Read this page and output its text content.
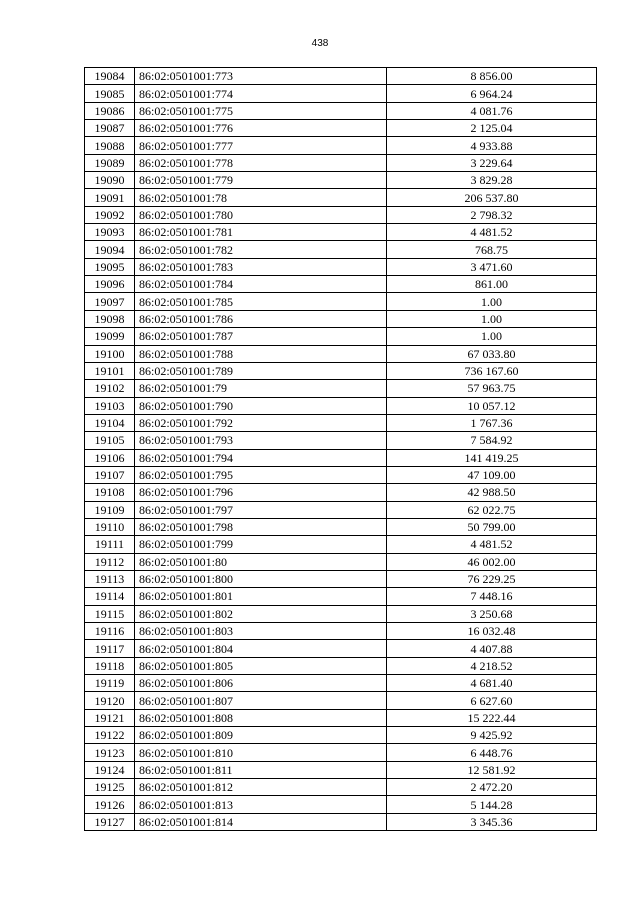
438
19084	86:02:0501001:773	8 856.00
19085	86:02:0501001:774	6 964.24
19086	86:02:0501001:775	4 081.76
19087	86:02:0501001:776	2 125.04
19088	86:02:0501001:777	4 933.88
19089	86:02:0501001:778	3 229.64
19090	86:02:0501001:779	3 829.28
19091	86:02:0501001:78	206 537.80
19092	86:02:0501001:780	2 798.32
19093	86:02:0501001:781	4 481.52
19094	86:02:0501001:782	768.75
19095	86:02:0501001:783	3 471.60
19096	86:02:0501001:784	861.00
19097	86:02:0501001:785	1.00
19098	86:02:0501001:786	1.00
19099	86:02:0501001:787	1.00
19100	86:02:0501001:788	67 033.80
19101	86:02:0501001:789	736 167.60
19102	86:02:0501001:79	57 963.75
19103	86:02:0501001:790	10 057.12
19104	86:02:0501001:792	1 767.36
19105	86:02:0501001:793	7 584.92
19106	86:02:0501001:794	141 419.25
19107	86:02:0501001:795	47 109.00
19108	86:02:0501001:796	42 988.50
19109	86:02:0501001:797	62 022.75
19110	86:02:0501001:798	50 799.00
19111	86:02:0501001:799	4 481.52
19112	86:02:0501001:80	46 002.00
19113	86:02:0501001:800	76 229.25
19114	86:02:0501001:801	7 448.16
19115	86:02:0501001:802	3 250.68
19116	86:02:0501001:803	16 032.48
19117	86:02:0501001:804	4 407.88
19118	86:02:0501001:805	4 218.52
19119	86:02:0501001:806	4 681.40
19120	86:02:0501001:807	6 627.60
19121	86:02:0501001:808	15 222.44
19122	86:02:0501001:809	9 425.92
19123	86:02:0501001:810	6 448.76
19124	86:02:0501001:811	12 581.92
19125	86:02:0501001:812	2 472.20
19126	86:02:0501001:813	5 144.28
19127	86:02:0501001:814	3 345.36
